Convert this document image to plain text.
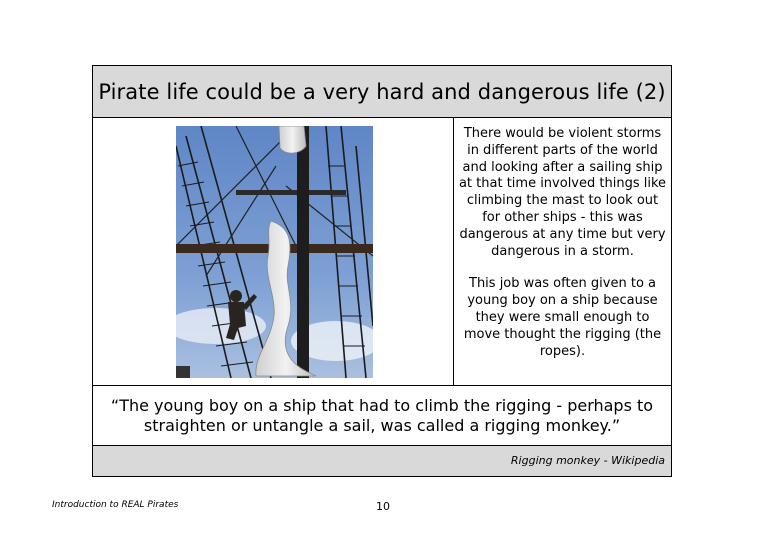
Pirate life could be a very hard and dangerous life (2)

There would be violent storms in different parts of the world and looking after a sailing ship at that time involved things like climbing the mast to look out for other ships - this was dangerous at any time but very dangerous in a storm.

This job was often given to a young boy on a ship because they were small enough to move thought the rigging (the ropes).

“The young boy on a ship that had to climb the rigging - perhaps to straighten or untangle a sail, was called a rigging monkey.”
Rigging monkey - Wikipedia
Introduction to REAL Pirates	10
